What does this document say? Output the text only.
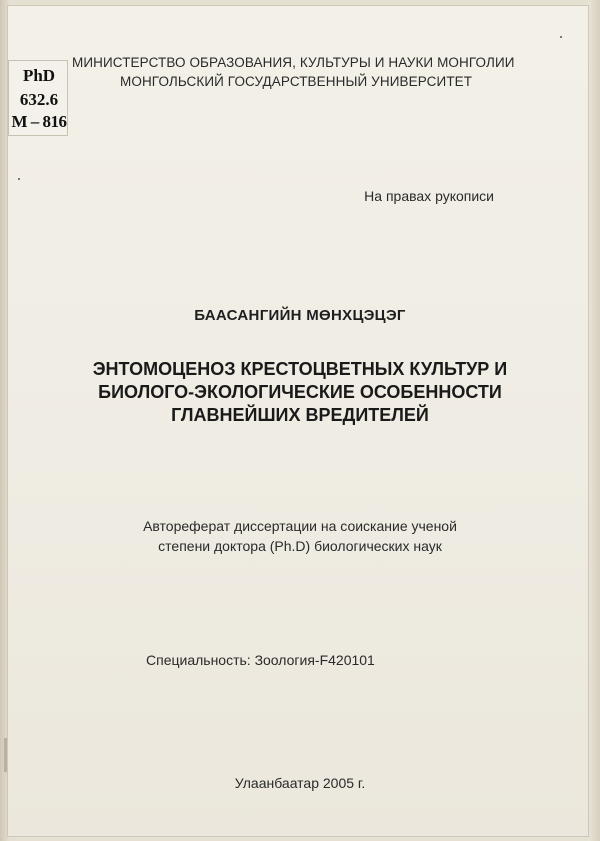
PhD
632.6
M – 816
МИНИСТЕРСТВО ОБРАЗОВАНИЯ, КУЛЬТУРЫ И НАУКИ МОНГОЛИИ
МОНГОЛЬСКИЙ ГОСУДАРСТВЕННЫЙ УНИВЕРСИТЕТ
На правах рукописи
БААСАНГИЙН МӨНХЦЭЦЭГ
ЭНТОМОЦЕНОЗ КРЕСТОЦВЕТНЫХ КУЛЬТУР И
БИОЛОГО-ЭКОЛОГИЧЕСКИЕ ОСОБЕННОСТИ
ГЛАВНЕЙШИХ ВРЕДИТЕЛЕЙ
Автореферат диссертации на соискание ученой
степени доктора (Ph.D) биологических наук
Специальность: Зоология-F420101
Улаанбаатар 2005 г.
